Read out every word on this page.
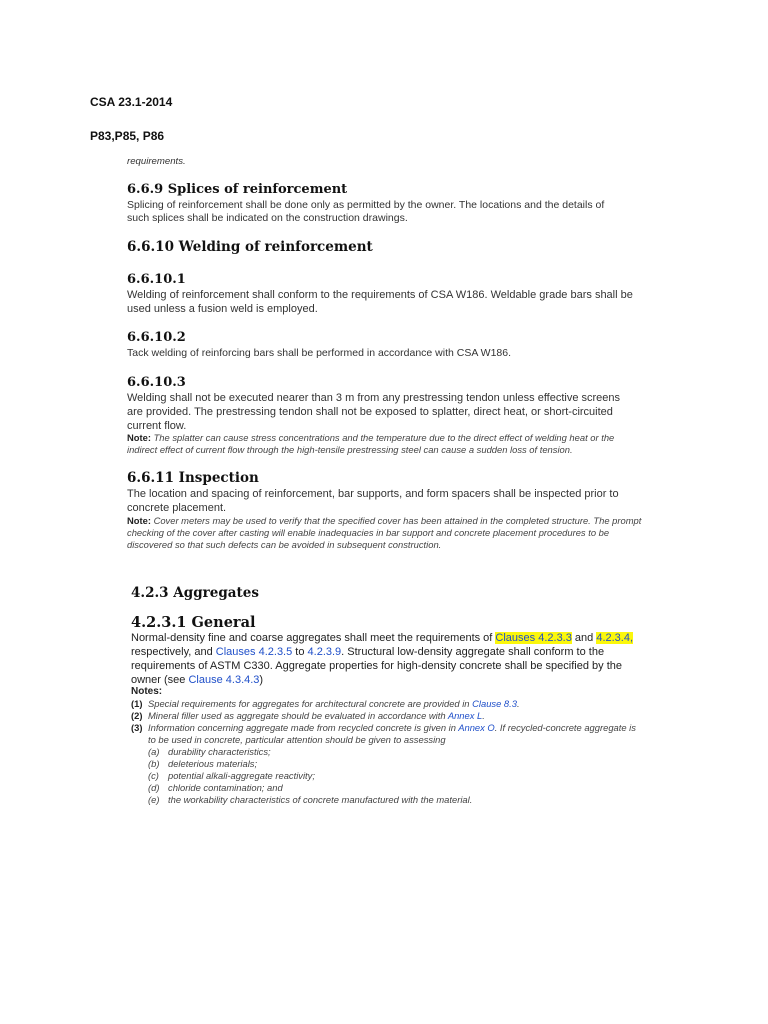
CSA 23.1-2014
P83,P85, P86
requirements.
6.6.9 Splices of reinforcement
Splicing of reinforcement shall be done only as permitted by the owner. The locations and the details of
such splices shall be indicated on the construction drawings.
6.6.10 Welding of reinforcement
6.6.10.1
Welding of reinforcement shall conform to the requirements of CSA W186. Weldable grade bars shall be
used unless a fusion weld is employed.
6.6.10.2
Tack welding of reinforcing bars shall be performed in accordance with CSA W186.
6.6.10.3
Welding shall not be executed nearer than 3 m from any prestressing tendon unless effective screens
are provided. The prestressing tendon shall not be exposed to splatter, direct heat, or short-circuited
current flow.
Note: The splatter can cause stress concentrations and the temperature due to the direct effect of welding heat or the
indirect effect of current flow through the high-tensile prestressing steel can cause a sudden loss of tension.
6.6.11 Inspection
The location and spacing of reinforcement, bar supports, and form spacers shall be inspected prior to
concrete placement.
Note: Cover meters may be used to verify that the specified cover has been attained in the completed structure. The prompt
checking of the cover after casting will enable inadequacies in bar support and concrete placement procedures to be
discovered so that such defects can be avoided in subsequent construction.
4.2.3 Aggregates
4.2.3.1 General
Normal-density fine and coarse aggregates shall meet the requirements of Clauses 4.2.3.3 and 4.2.3.4,
respectively, and Clauses 4.2.3.5 to 4.2.3.9. Structural low-density aggregate shall conform to the
requirements of ASTM C330. Aggregate properties for high-density concrete shall be specified by the
owner (see Clause 4.3.4.3)
Notes:
(1) Special requirements for aggregates for architectural concrete are provided in Clause 8.3.
(2) Mineral filler used as aggregate should be evaluated in accordance with Annex L.
(3) Information concerning aggregate made from recycled concrete is given in Annex O. If recycled-concrete aggregate is
to be used in concrete, particular attention should be given to assessing
(a) durability characteristics;
(b) deleterious materials;
(c) potential alkali-aggregate reactivity;
(d) chloride contamination; and
(e) the workability characteristics of concrete manufactured with the material.
